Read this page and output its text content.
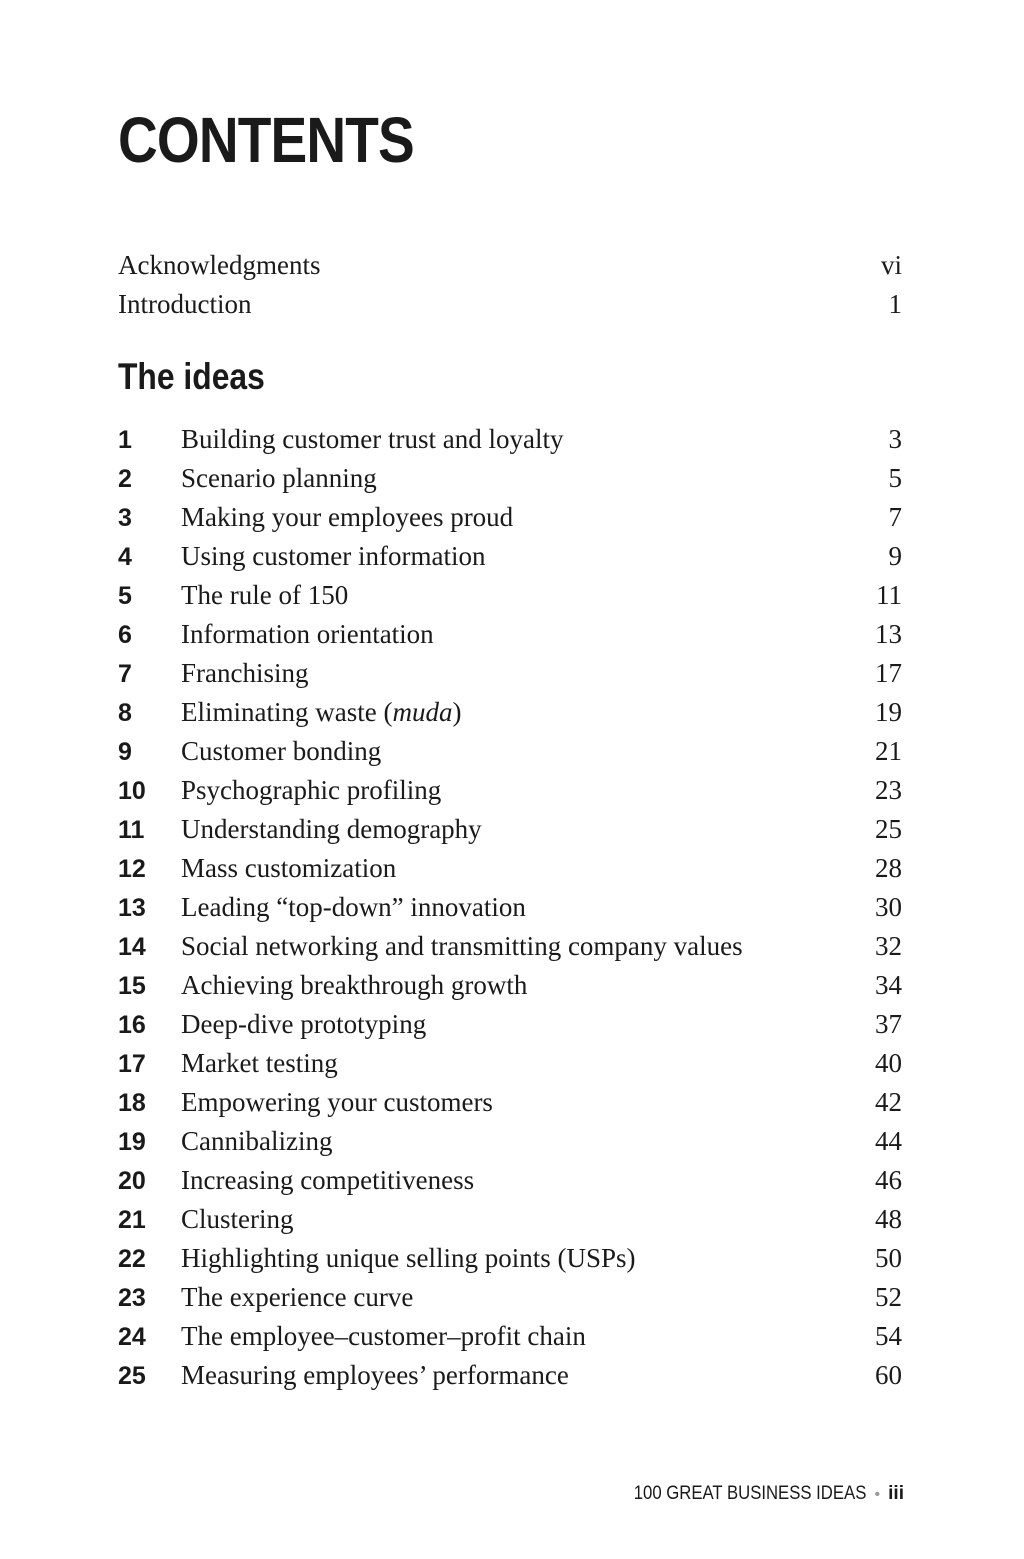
CONTENTS
Acknowledgments	vi
Introduction	1
The ideas
1	Building customer trust and loyalty	3
2	Scenario planning	5
3	Making your employees proud	7
4	Using customer information	9
5	The rule of 150	11
6	Information orientation	13
7	Franchising	17
8	Eliminating waste (muda)	19
9	Customer bonding	21
10	Psychographic profiling	23
11	Understanding demography	25
12	Mass customization	28
13	Leading “top-down” innovation	30
14	Social networking and transmitting company values	32
15	Achieving breakthrough growth	34
16	Deep-dive prototyping	37
17	Market testing	40
18	Empowering your customers	42
19	Cannibalizing	44
20	Increasing competitiveness	46
21	Clustering	48
22	Highlighting unique selling points (USPs)	50
23	The experience curve	52
24	The employee–customer–profit chain	54
25	Measuring employees’ performance	60
100 GREAT BUSINESS IDEAS • iii
